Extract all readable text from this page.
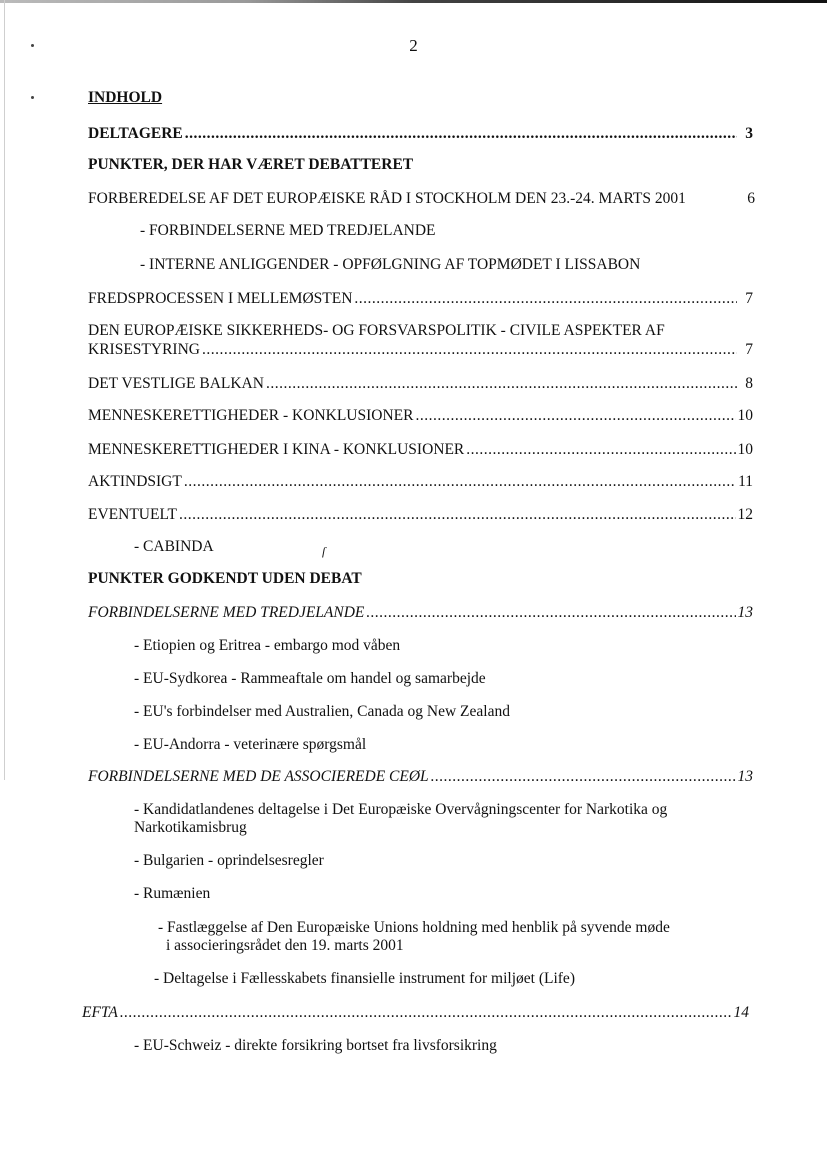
2
INDHOLD
DELTAGERE .....	3
PUNKTER, DER HAR VÆRET DEBATTERET
FORBEREDELSE AF DET EUROPÆISKE RÅD I STOCKHOLM DEN 23.-24. MARTS 2001	6
- FORBINDELSERNE MED TREDJELANDE
- INTERNE ANLIGGENDER - OPFØLGNING AF TOPMØDET I LISSABON
FREDSPROCESSEN I MELLEMØSTEN .....	7
DEN EUROPÆISKE SIKKERHEDS- OG FORSVARSPOLITIK - CIVILE ASPEKTER AF
KRISESTYRING .....	7
DET VESTLIGE BALKAN .....	8
MENNESKERETTIGHEDER - KONKLUSIONER .....	10
MENNESKERETTIGHEDER I KINA - KONKLUSIONER .....	10
AKTINDSIGT .....	11
EVENTUELT .....	12
- CABINDA	ſ
PUNKTER GODKENDT UDEN DEBAT
FORBINDELSERNE MED TREDJELANDE .....	13
- Etiopien og Eritrea - embargo mod våben
- EU-Sydkorea - Rammeaftale om handel og samarbejde
- EU's forbindelser med Australien, Canada og New Zealand
- EU-Andorra - veterinære spørgsmål
FORBINDELSERNE MED DE ASSOCIEREDE CEØL .....	13
- Kandidatlandenes deltagelse i Det Europæiske Overvågningscenter for Narkotika og
Narkotikamisbrug
- Bulgarien - oprindelsesregler
- Rumænien
- Fastlæggelse af Den Europæiske Unions holdning med henblik på syvende møde
i associeringsrådet den 19. marts 2001
- Deltagelse i Fællesskabets finansielle instrument for miljøet (Life)
EFTA .....	14
- EU-Schweiz - direkte forsikring bortset fra livsforsikring
